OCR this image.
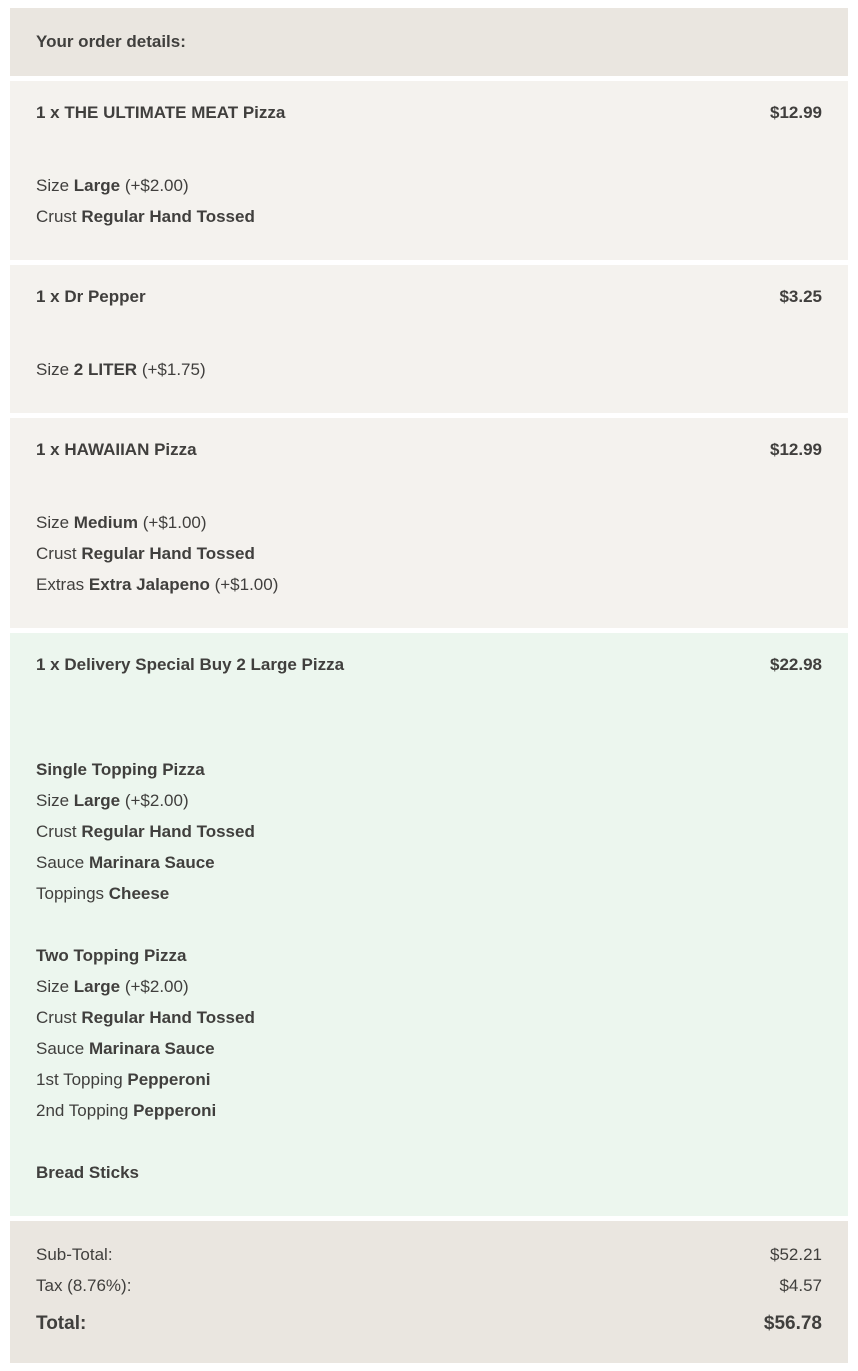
Your order details:
1 x THE ULTIMATE MEAT Pizza	$12.99
Size Large (+$2.00)
Crust Regular Hand Tossed
1 x Dr Pepper	$3.25
Size 2 LITER (+$1.75)
1 x HAWAIIAN Pizza	$12.99
Size Medium (+$1.00)
Crust Regular Hand Tossed
Extras Extra Jalapeno (+$1.00)
1 x Delivery Special Buy 2 Large Pizza	$22.98
Single Topping Pizza
Size Large (+$2.00)
Crust Regular Hand Tossed
Sauce Marinara Sauce
Toppings Cheese
Two Topping Pizza
Size Large (+$2.00)
Crust Regular Hand Tossed
Sauce Marinara Sauce
1st Topping Pepperoni
2nd Topping Pepperoni
Bread Sticks
Sub-Total:	$52.21
Tax (8.76%):	$4.57
Total:	$56.78
